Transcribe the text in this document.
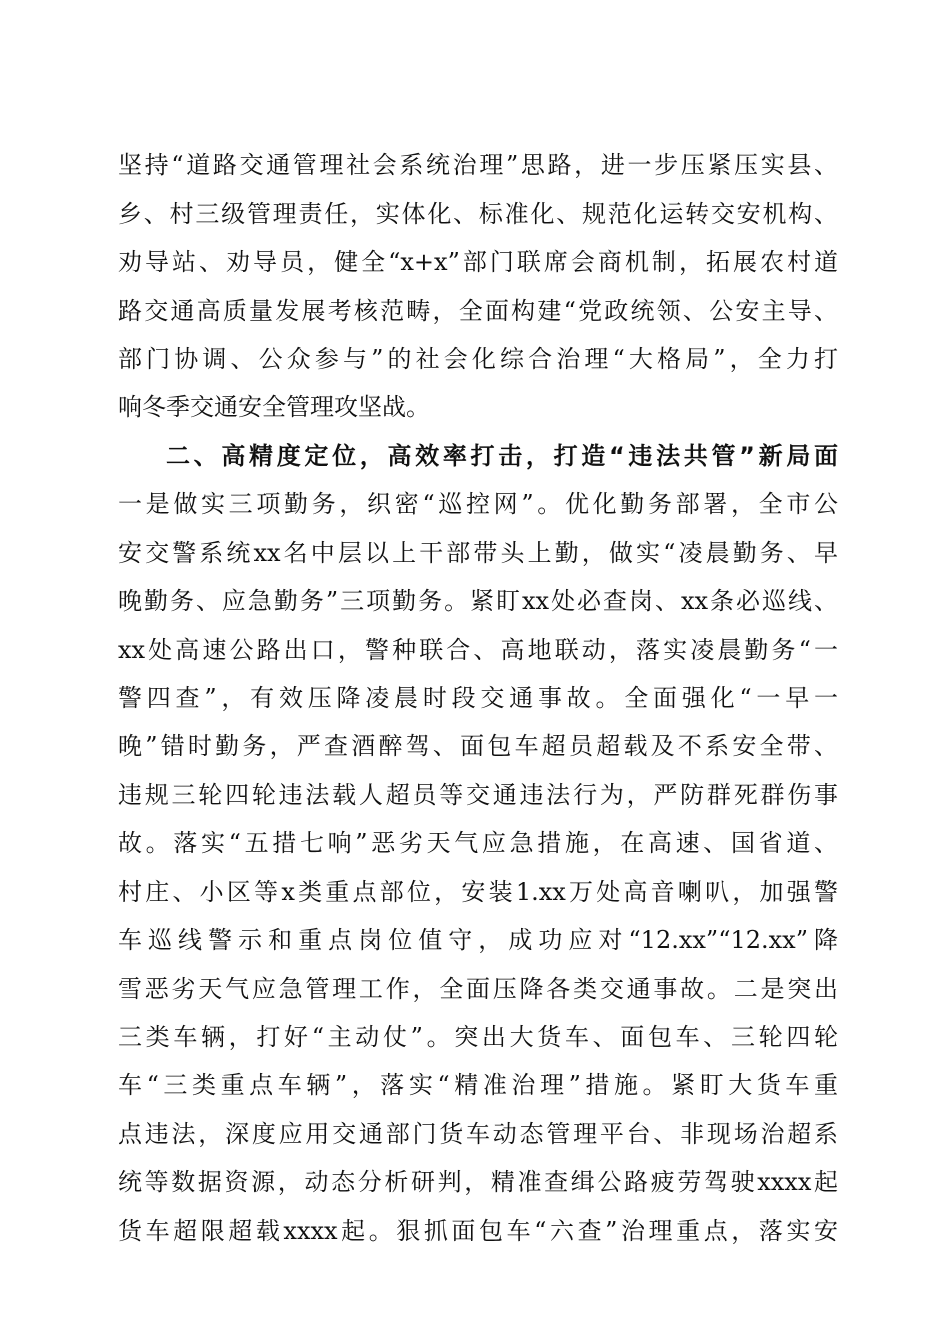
坚持“道路交通管理社会系统治理”思路，进一步压紧压实县、
乡、村三级管理责任，实体化、标准化、规范化运转交安机构、
劝导站、劝导员，健全“x+x”部门联席会商机制，拓展农村道
路交通高质量发展考核范畴，全面构建“党政统领、公安主导、
部门协调、公众参与”的社会化综合治理“大格局”，全力打
响冬季交通安全管理攻坚战。
二、高精度定位，高效率打击，打造“违法共管”新局面
一是做实三项勤务，织密“巡控网”。优化勤务部署，全市公
安交警系统xx名中层以上干部带头上勤，做实“凌晨勤务、早
晚勤务、应急勤务”三项勤务。紧盯xx处必查岗、xx条必巡线、
xx处高速公路出口，警种联合、高地联动，落实凌晨勤务“一
警四查”，有效压降凌晨时段交通事故。全面强化“一早一
晚”错时勤务，严查酒醉驾、面包车超员超载及不系安全带、
违规三轮四轮违法载人超员等交通违法行为，严防群死群伤事
故。落实“五措七响”恶劣天气应急措施，在高速、国省道、
村庄、小区等x类重点部位，安装1.xx万处高音喇叭，加强警
车巡线警示和重点岗位值守，成功应对“12.xx”“12.xx”降
雪恶劣天气应急管理工作，全面压降各类交通事故。二是突出
三类车辆，打好“主动仗”。突出大货车、面包车、三轮四轮
车“三类重点车辆”，落实“精准治理”措施。紧盯大货车重
点违法，深度应用交通部门货车动态管理平台、非现场治超系
统等数据资源，动态分析研判，精准查缉公路疲劳驾驶xxxx起
货车超限超载xxxx起。狠抓面包车“六查”治理重点，落实安
